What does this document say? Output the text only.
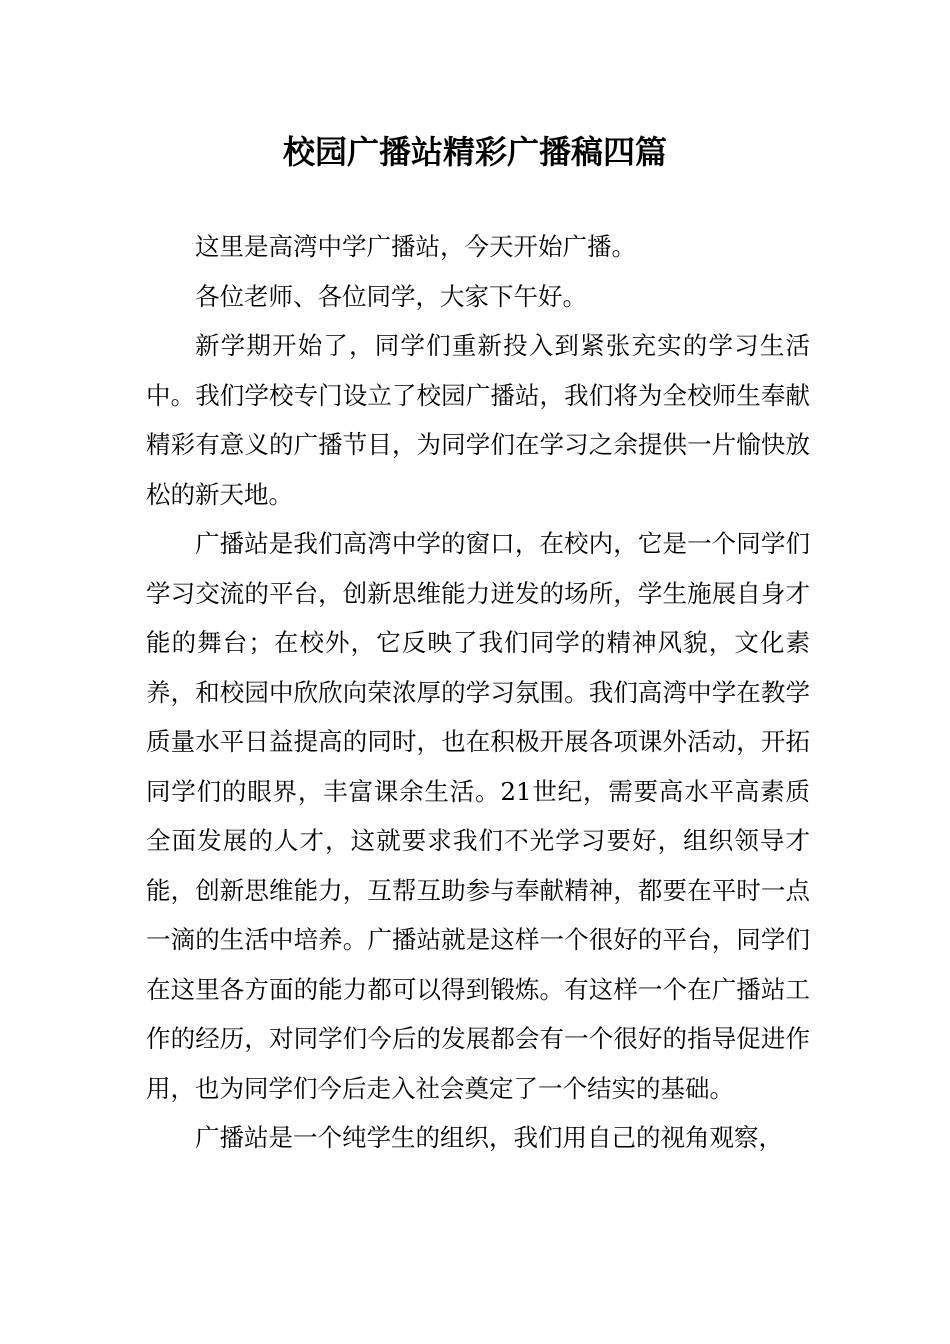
校园广播站精彩广播稿四篇

这里是高湾中学广播站，今天开始广播。

各位老师、各位同学，大家下午好。

新学期开始了，同学们重新投入到紧张充实的学习生活中。我们学校专门设立了校园广播站，我们将为全校师生奉献精彩有意义的广播节目，为同学们在学习之余提供一片愉快放松的新天地。

广播站是我们高湾中学的窗口，在校内，它是一个同学们学习交流的平台，创新思维能力迸发的场所，学生施展自身才能的舞台；在校外，它反映了我们同学的精神风貌，文化素养，和校园中欣欣向荣浓厚的学习氛围。我们高湾中学在教学质量水平日益提高的同时，也在积极开展各项课外活动，开拓同学们的眼界，丰富课余生活。21世纪，需要高水平高素质全面发展的人才，这就要求我们不光学习要好，组织领导才能，创新思维能力，互帮互助参与奉献精神，都要在平时一点一滴的生活中培养。广播站就是这样一个很好的平台，同学们在这里各方面的能力都可以得到锻炼。有这样一个在广播站工作的经历，对同学们今后的发展都会有一个很好的指导促进作用，也为同学们今后走入社会奠定了一个结实的基础。

广播站是一个纯学生的组织，我们用自己的视角观察，
